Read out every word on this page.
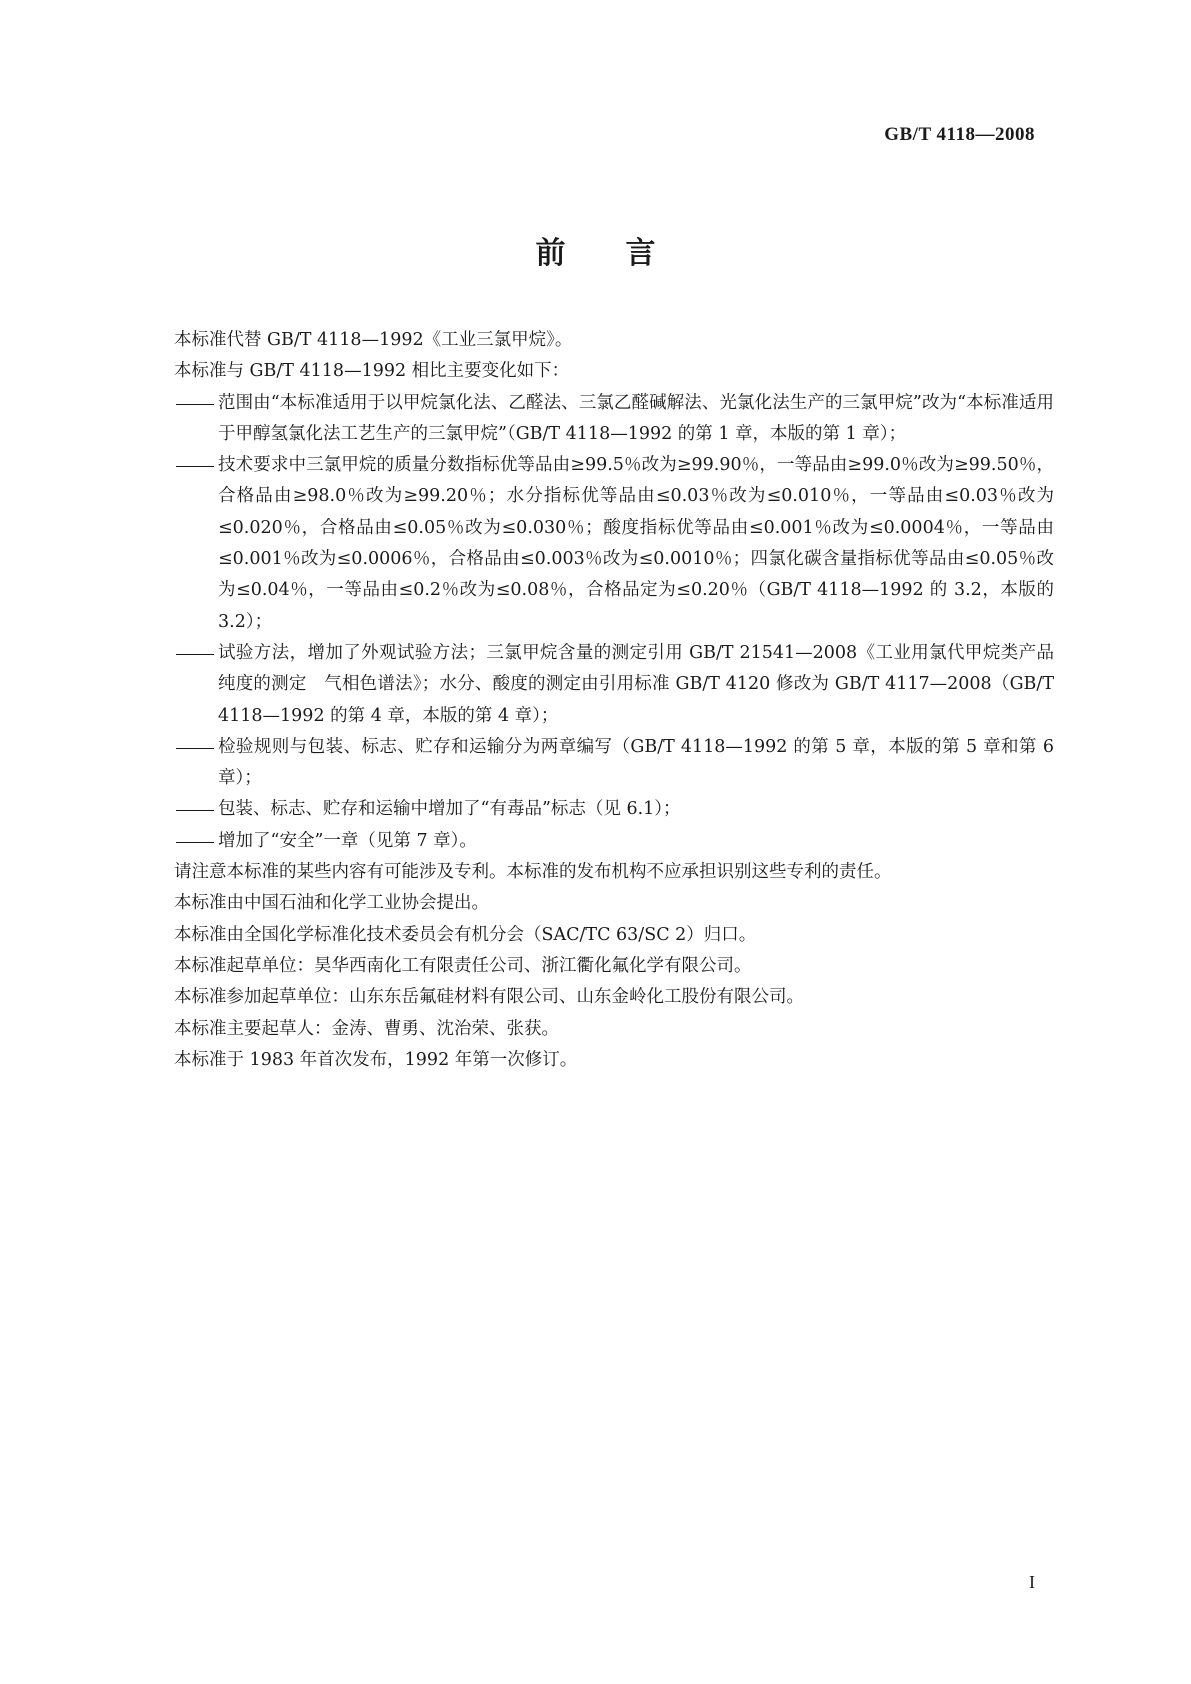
GB/T 4118—2008
前 言

本标准代替 GB/T 4118—1992《工业三氯甲烷》。

本标准与 GB/T 4118—1992 相比主要变化如下：

范围由“本标准适用于以甲烷氯化法、乙醛法、三氯乙醛碱解法、光氯化法生产的三氯甲烷”改为“本标准适用于甲醇氢氯化法工艺生产的三氯甲烷”（GB/T 4118—1992 的第 1 章，本版的第 1 章）；
技术要求中三氯甲烷的质量分数指标优等品由≥99.5％改为≥99.90％，一等品由≥99.0％改为≥99.50％，合格品由≥98.0％改为≥99.20％；水分指标优等品由≤0.03％改为≤0.010％，一等品由≤0.03％改为≤0.020％，合格品由≤0.05％改为≤0.030％；酸度指标优等品由≤0.001％改为≤0.0004％，一等品由≤0.001％改为≤0.0006％，合格品由≤0.003％改为≤0.0010％；四氯化碳含量指标优等品由≤0.05％改为≤0.04％，一等品由≤0.2％改为≤0.08％，合格品定为≤0.20％（GB/T 4118—1992 的 3.2，本版的 3.2）；
试验方法，增加了外观试验方法；三氯甲烷含量的测定引用 GB/T 21541—2008《工业用氯代甲烷类产品纯度的测定　气相色谱法》；水分、酸度的测定由引用标准 GB/T 4120 修改为 GB/T 4117—2008（GB/T 4118—1992 的第 4 章，本版的第 4 章）；
检验规则与包装、标志、贮存和运输分为两章编写（GB/T 4118—1992 的第 5 章，本版的第 5 章和第 6 章）；
包装、标志、贮存和运输中增加了“有毒品”标志（见 6.1）；
增加了“安全”一章（见第 7 章）。

请注意本标准的某些内容有可能涉及专利。本标准的发布机构不应承担识别这些专利的责任。

本标准由中国石油和化学工业协会提出。

本标准由全国化学标准化技术委员会有机分会（SAC/TC 63/SC 2）归口。

本标准起草单位：昊华西南化工有限责任公司、浙江衢化氟化学有限公司。

本标准参加起草单位：山东东岳氟硅材料有限公司、山东金岭化工股份有限公司。

本标准主要起草人：金涛、曹勇、沈治荣、张获。

本标准于 1983 年首次发布，1992 年第一次修订。

I
